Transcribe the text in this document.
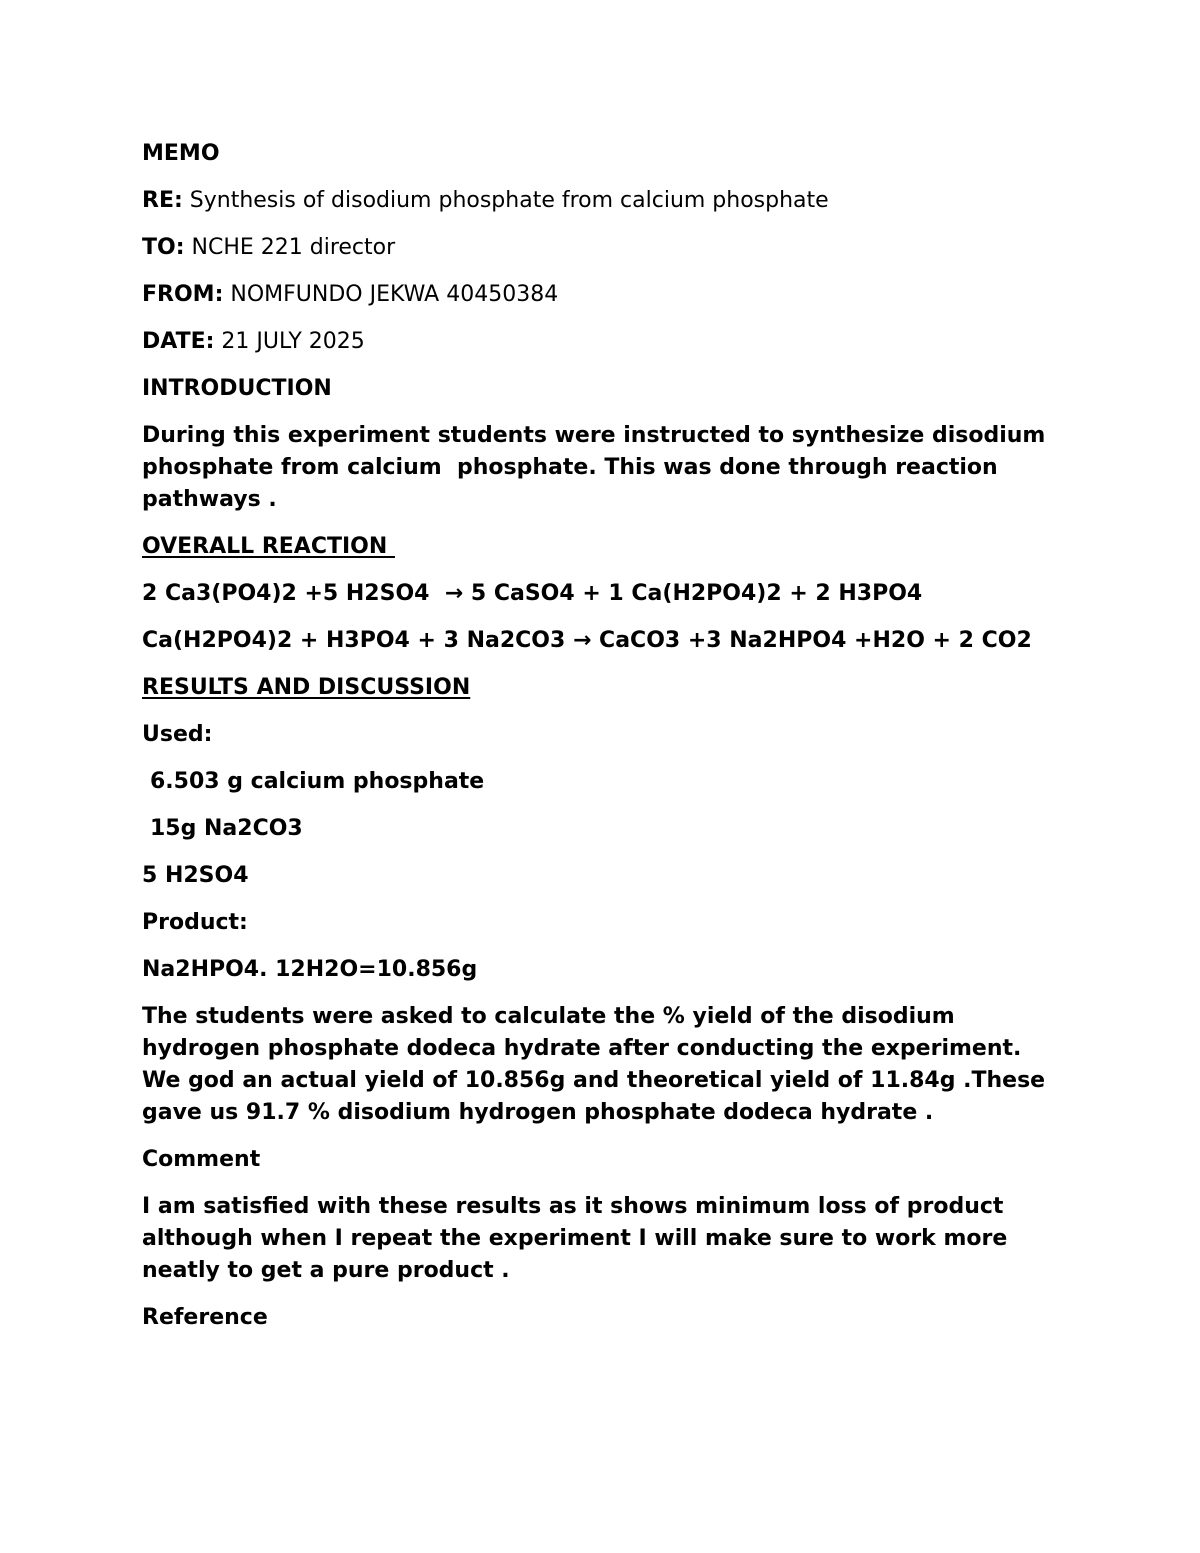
MEMO
RE: Synthesis of disodium phosphate from calcium phosphate
TO: NCHE 221 director
FROM: NOMFUNDO JEKWA 40450384
DATE: 21 JULY 2025
INTRODUCTION
During this experiment students were instructed to synthesize disodium phosphate from calcium  phosphate. This was done through reaction pathways .
OVERALL REACTION
2 Ca3(PO4)2 +5 H2SO4  → 5 CaSO4 + 1 Ca(H2PO4)2 + 2 H3PO4
Ca(H2PO4)2 + H3PO4 + 3 Na2CO3 → CaCO3 +3 Na2HPO4 +H2O + 2 CO2
RESULTS AND DISCUSSION
Used:
6.503 g calcium phosphate
15g Na2CO3
5 H2SO4
Product:
Na2HPO4. 12H2O=10.856g
The students were asked to calculate the % yield of the disodium hydrogen phosphate dodeca hydrate after conducting the experiment. We god an actual yield of 10.856g and theoretical yield of 11.84g .These gave us 91.7 % disodium hydrogen phosphate dodeca hydrate .
Comment
I am satisfied with these results as it shows minimum loss of product although when I repeat the experiment I will make sure to work more neatly to get a pure product .
Reference
